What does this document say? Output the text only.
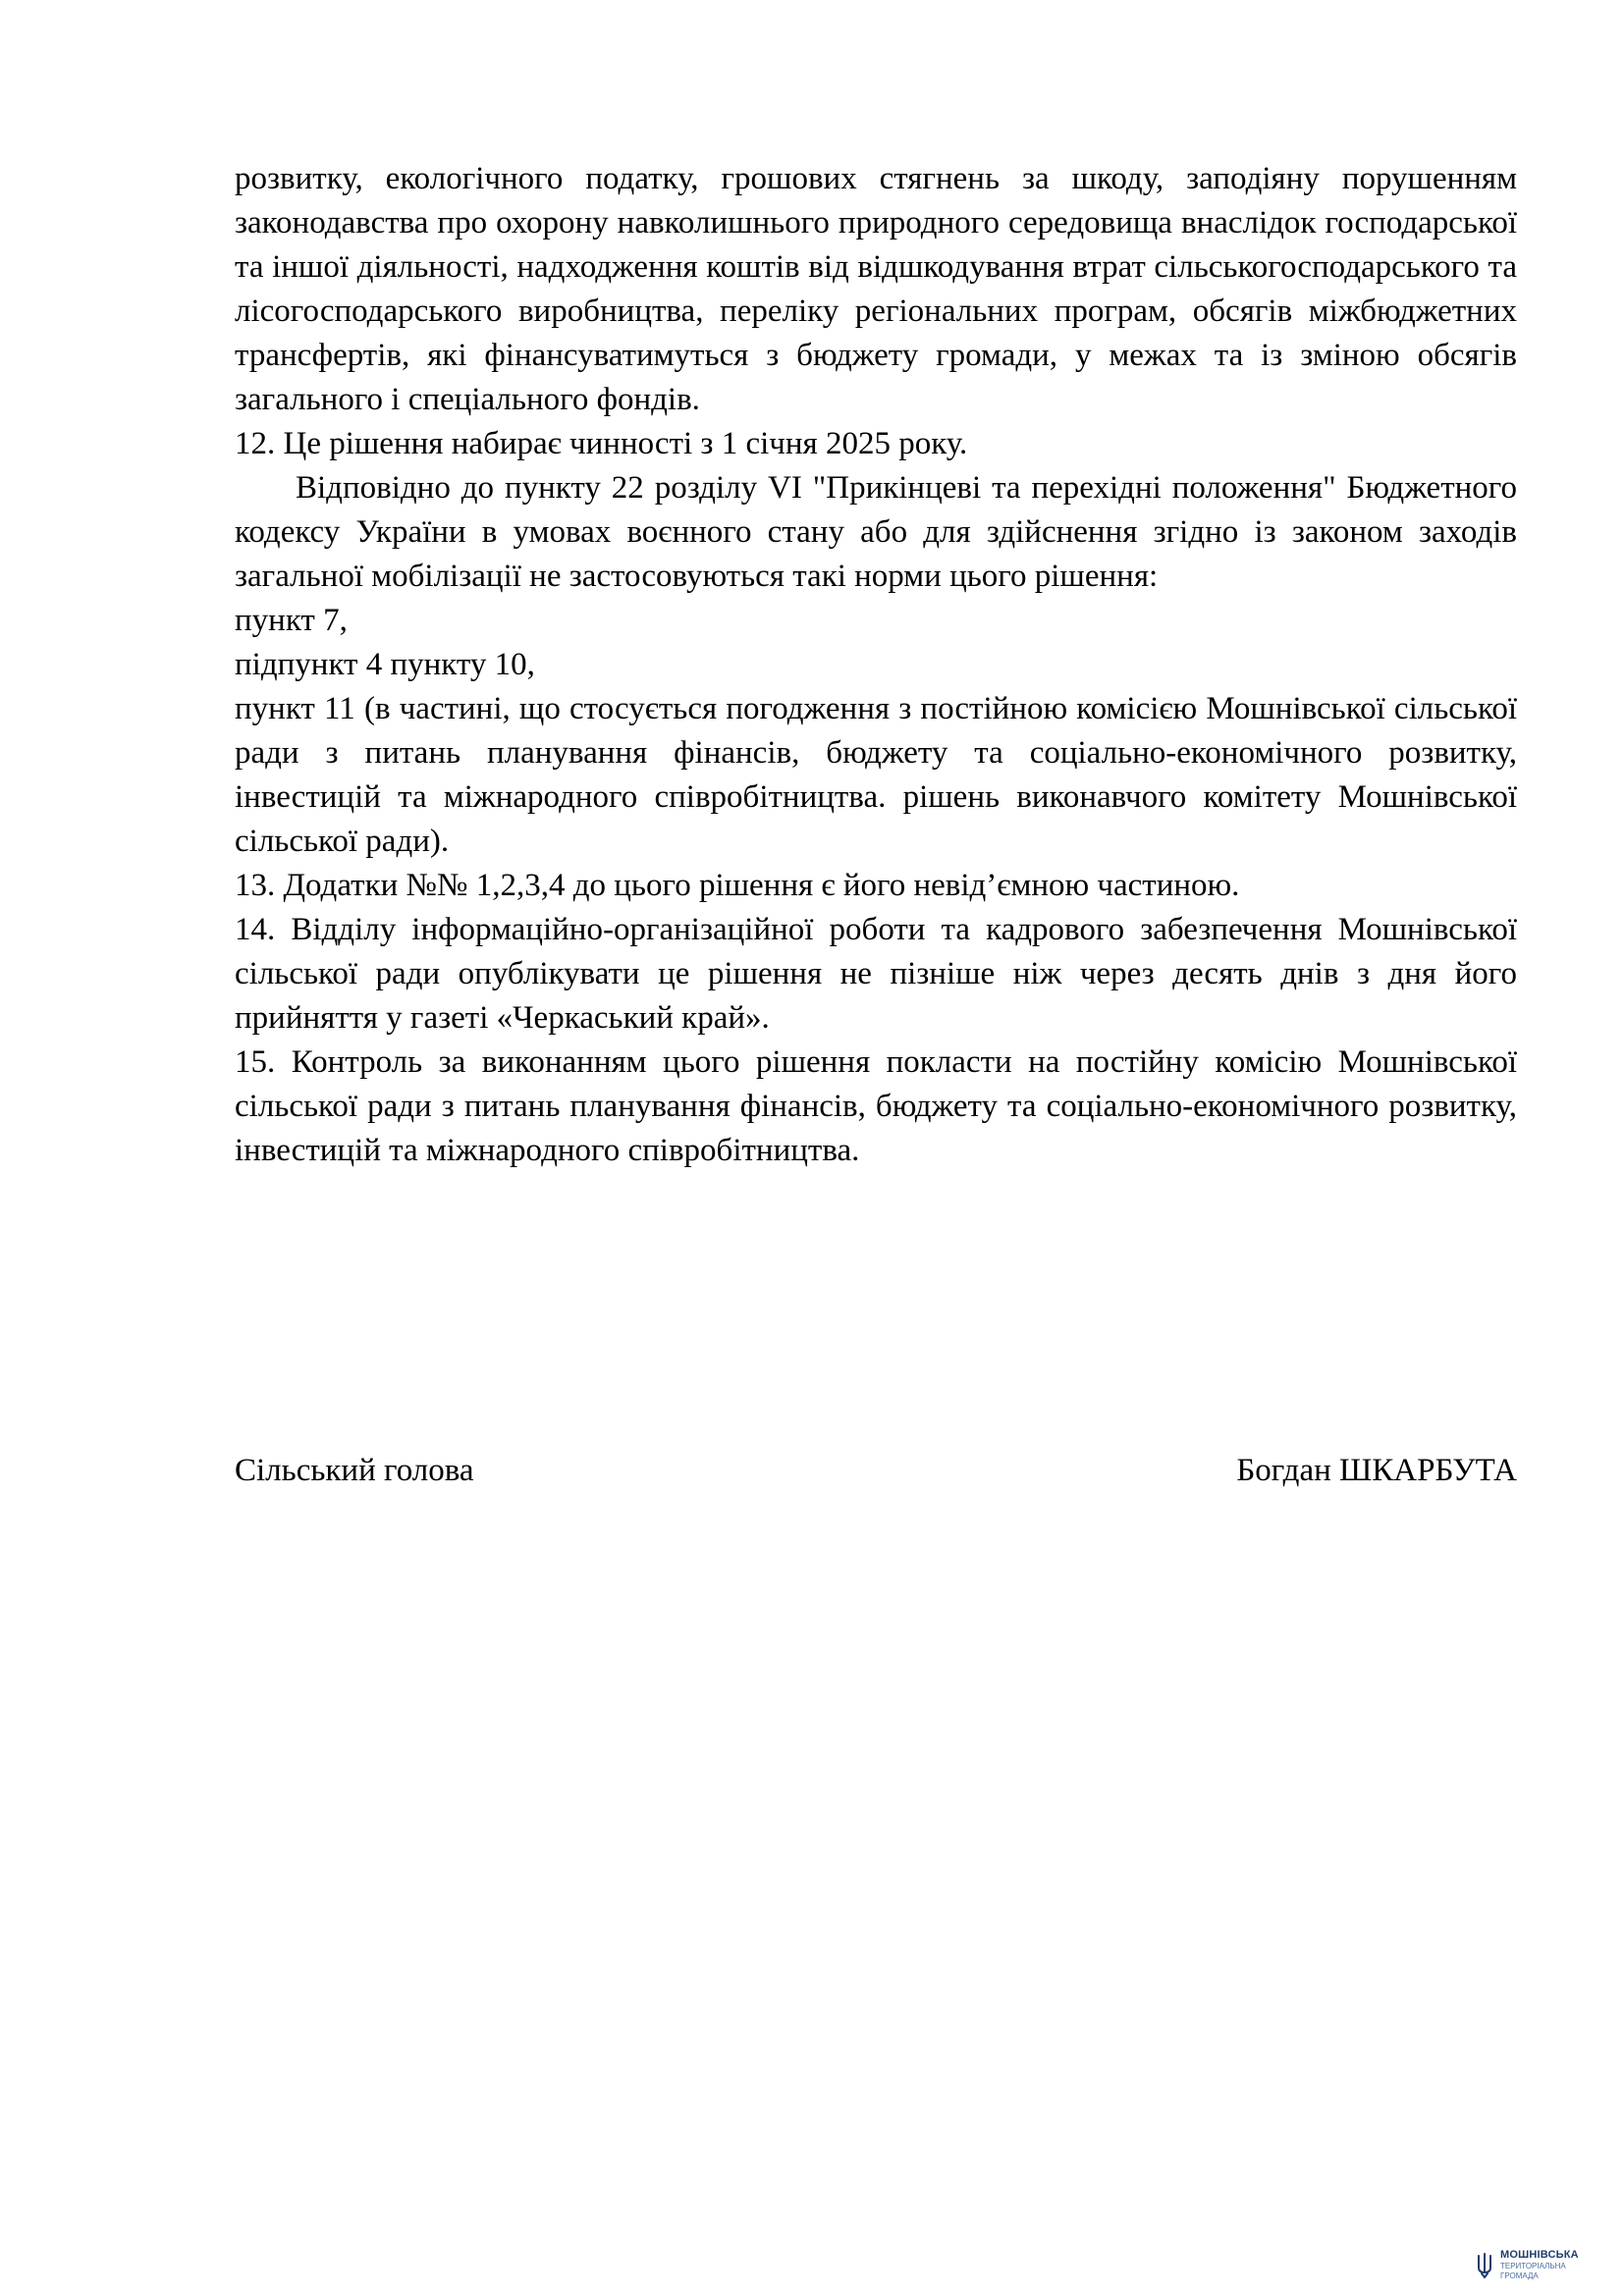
розвитку, екологічного податку, грошових стягнень за шкоду, заподіяну порушенням законодавства про охорону навколишнього природного середовища внаслідок господарської та іншої діяльності, надходження коштів від відшкодування втрат сільськогосподарського та лісогосподарського виробництва, переліку регіональних програм, обсягів міжбюджетних трансфертів, які фінансуватимуться з бюджету громади, у межах та із зміною обсягів загального і спеціального фондів.

12. Це рішення набирає чинності з 1 січня 2025 року.

Відповідно до пункту 22 розділу VI "Прикінцеві та перехідні положення" Бюджетного кодексу України в умовах воєнного стану або для здійснення згідно із законом заходів загальної мобілізації не застосовуються такі норми цього рішення:

пункт 7,

підпункт 4 пункту 10,

пункт 11 (в частині, що стосується погодження з постійною комісією Мошнівської сільської ради з питань планування фінансів, бюджету та соціально-економічного розвитку, інвестицій та міжнародного співробітництва. рішень виконавчого комітету Мошнівської сільської ради).

13. Додатки №№ 1,2,3,4 до цього рішення є його невід’ємною частиною.

14. Відділу інформаційно-організаційної роботи та кадрового забезпечення Мошнівської сільської ради опублікувати це рішення не пізніше ніж через десять днів з дня його прийняття у газеті «Черкаський край».

15. Контроль за виконанням цього рішення покласти на постійну комісію Мошнівської сільської ради з питань планування фінансів, бюджету та соціально-економічного розвитку, інвестицій та міжнародного співробітництва.

Сільський голова	Богдан ШКАРБУТА
МОШНІВСЬКА
ТЕРИТОРІАЛЬНА
ГРОМАДА
